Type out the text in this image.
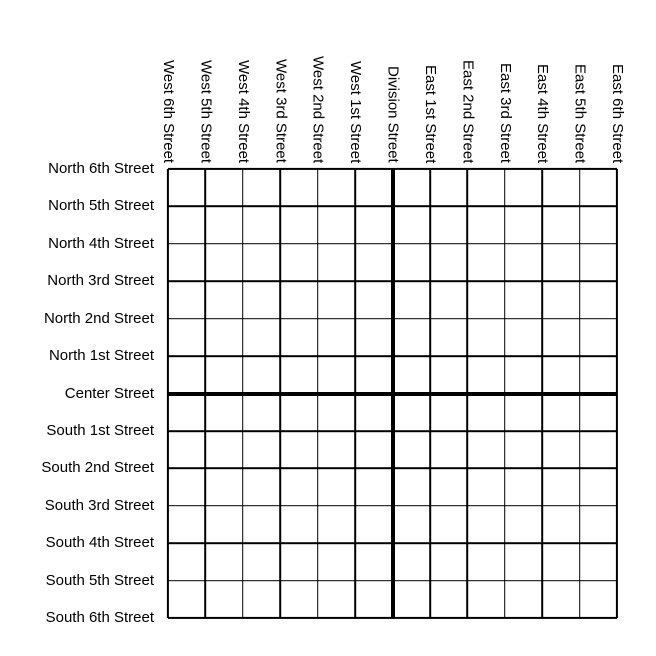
West 6th Street West 5th Street West 4th Street West 3rd Street West 2nd Street West 1st Street Division Street East 1st Street East 2nd Street East 3rd Street East 4th Street East 5th Street East 6th Street
North 6th Street
North 5th Street
North 4th Street
North 3rd Street
North 2nd Street
North 1st Street
Center Street
South 1st Street
South 2nd Street
South 3rd Street
South 4th Street
South 5th Street
South 6th Street
